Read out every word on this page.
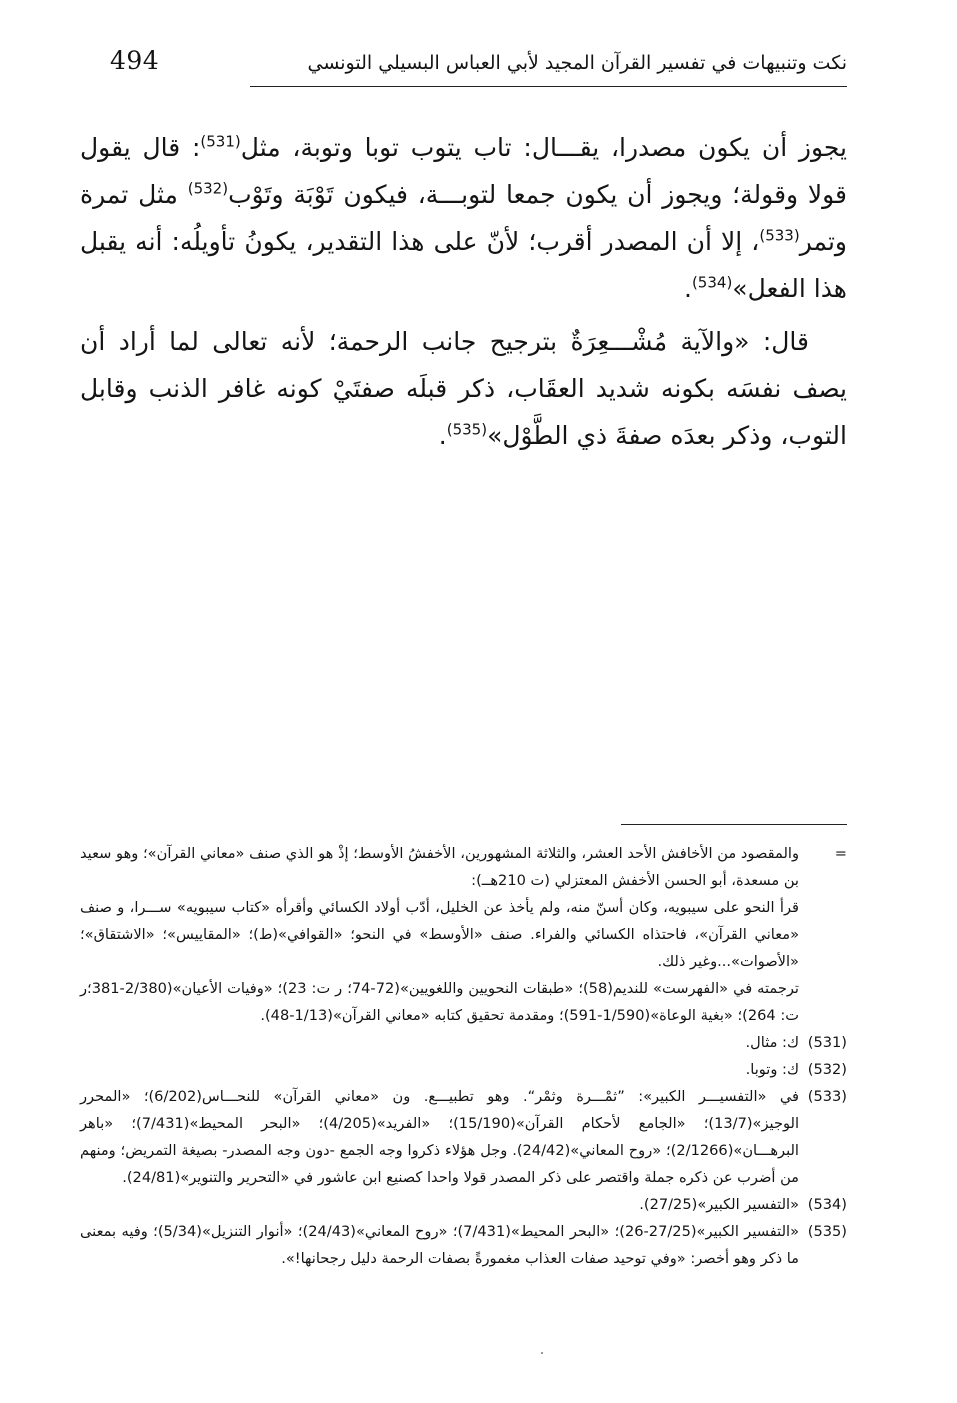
494	نكت وتنبيهات في تفسير القرآن المجيد لأبي العباس البسيلي التونسي

يجوز أن يكون مصدرا، يقـــال: تاب يتوب توبا وتوبة، مثل$^{(531)}$: قال يقول قولا وقولة؛ ويجوز أن يكون جمعا لتوبـــة، فيكون تَوْبَة وتَوْب$^{(532)}$ مثل تمرة وتمر$^{(533)}$، إلا أن المصدر أقرب؛ لأنّ على هذا التقدير، يكونُ تأويلُه: أنه يقبل هذا الفعل»$^{(534)}$.

قال: «والآية مُشْـــعِرَةٌ بترجيح جانب الرحمة؛ لأنه تعالى لما أراد أن يصف نفسَه بكونه شديد العقَاب، ذكر قبلَه صفتَيْ كونه غافر الذنب وقابل التوب، وذكر بعدَه صفةَ ذي الطَّوْل»$^{(535)}$.

=

والمقصود من الأخافش الأحد العشر، والثلاثة المشهورين، الأخفشُ الأوسط؛ إذْ هو الذي صنف «معاني القرآن»؛ وهو سعيد بن مسعدة، أبو الحسن الأخفش المعتزلي (ت 210هــ):

قرأ النحو على سيبويه، وكان أسنّ منه، ولم يأخذ عن الخليل، أدّب أولاد الكسائي وأقرأه «كتاب سيبويه» ســـرا، و صنف «معاني القرآن»، فاحتذاه الكسائي والفراء. صنف «الأوسط» في النحو؛ «القوافي»(ط)؛ «المقاييس»؛ «الاشتقاق»؛ «الأصوات»...وغير ذلك.

ترجمته في «الفهرست» للنديم(58)؛ «طبقات النحويين واللغويين»(72-74؛ ر ت: 23)؛ «وفيات الأعيان»(2/380-381؛ر ت: 264)؛ «بغية الوعاة»(1/590-591)؛ ومقدمة تحقيق كتابه «معاني القرآن»(1/13-48).

(531)
ك: مثال.
(532)
ك: وتوبا.
(533)
في «التفسيـــر الكبير»: ”ثمْـــرة وثمْر“. وهو تطبيـــع. ون «معاني القرآن» للنحـــاس(6/202)؛ «المحرر الوجيز»(13/7)؛ «الجامع لأحكام القرآن»(15/190)؛ «الفريد»(4/205)؛ «البحر المحيط»(7/431)؛ «باهر البرهـــان»(2/1266)؛ «روح المعاني»(24/42). وجل هؤلاء ذكروا وجه الجمع -دون وجه المصدر- بصيغة التمريض؛ ومنهم من أضرب عن ذكره جملة واقتصر على ذكر المصدر قولا واحدا كصنيع ابن عاشور في «التحرير والتنوير»(24/81).
(534)
«التفسير الكبير»(27/25).
(535)
«التفسير الكبير»(27/25-26)؛ «البحر المحيط»(7/431)؛ «روح المعاني»(24/43)؛ «أنوار التنزيل»(5/34)؛ وفيه بمعنى ما ذكر وهو أخصر: «وفي توحيد صفات العذاب مغمورةً بصفات الرحمة دليل رجحانها!».
